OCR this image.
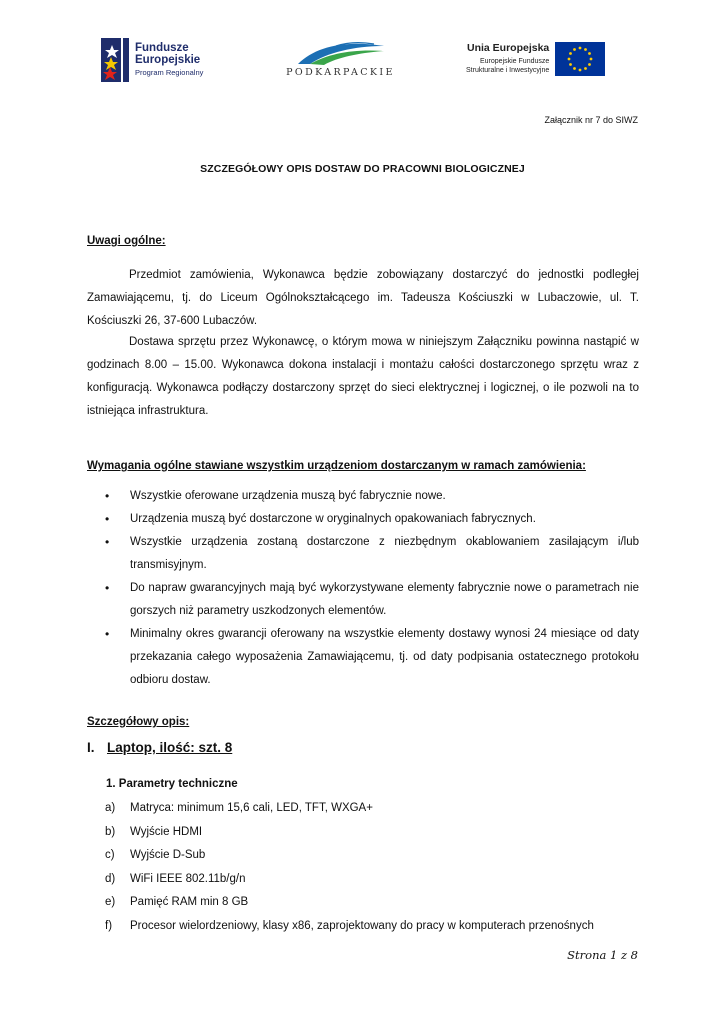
Fundusze
Europejskie
Program Regionalny	PODKARPACKIE
Unia Europejska
Europejskie Fundusze
Strukturalne i Inwestycyjne
Załącznik nr 7 do SIWZ
SZCZEGÓŁOWY OPIS DOSTAW DO PRACOWNI BIOLOGICZNEJ
Uwagi ogólne:
Przedmiot zamówienia, Wykonawca będzie zobowiązany dostarczyć do jednostki podległej Zamawiającemu, tj. do Liceum Ogólnokształcącego im. Tadeusza Kościuszki w Lubaczowie, ul. T. Kościuszki 26, 37-600 Lubaczów.
Dostawa sprzętu przez Wykonawcę, o którym mowa w niniejszym Załączniku powinna nastąpić w godzinach 8.00 – 15.00. Wykonawca dokona instalacji i montażu całości dostarczonego sprzętu wraz z konfiguracją. Wykonawca podłączy dostarczony sprzęt do sieci elektrycznej i logicznej, o ile pozwoli na to istniejąca infrastruktura.
Wymagania ogólne stawiane wszystkim urządzeniom dostarczanym w ramach zamówienia:
• Wszystkie oferowane urządzenia muszą być fabrycznie nowe.
• Urządzenia muszą być dostarczone w oryginalnych opakowaniach fabrycznych.
• Wszystkie urządzenia zostaną dostarczone z niezbędnym okablowaniem zasilającym i/lub transmisyjnym.
• Do napraw gwarancyjnych mają być wykorzystywane elementy fabrycznie nowe o parametrach nie gorszych niż parametry uszkodzonych elementów.
• Minimalny okres gwarancji oferowany na wszystkie elementy dostawy wynosi 24 miesiące od daty przekazania całego wyposażenia Zamawiającemu, tj. od daty podpisania ostatecznego protokołu odbioru dostaw.
Szczegółowy opis:
I. Laptop, ilość: szt. 8
1. Parametry techniczne
a) Matryca: minimum 15,6 cali, LED, TFT, WXGA+
b) Wyjście HDMI
c) Wyjście D-Sub
d) WiFi IEEE 802.11b/g/n
e) Pamięć RAM min 8 GB
f) Procesor wielordzeniowy, klasy x86, zaprojektowany do pracy w komputerach przenośnych
Strona 1 z 8
